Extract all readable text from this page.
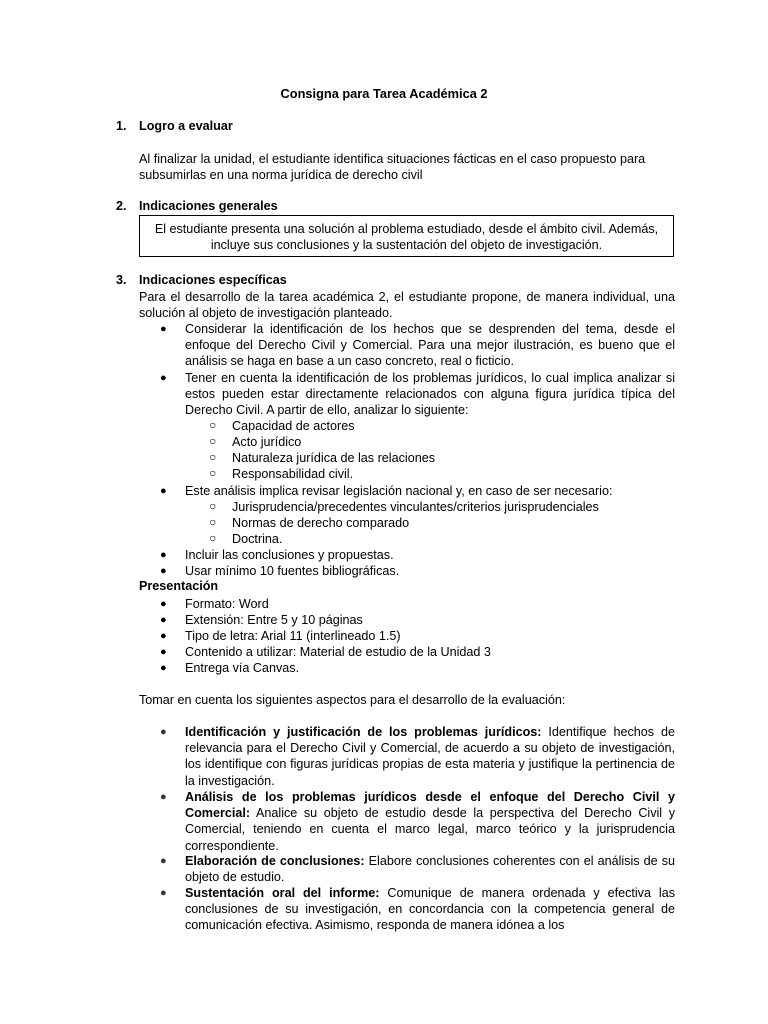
Consigna para Tarea Académica 2
1. Logro a evaluar
Al finalizar la unidad, el estudiante identifica situaciones fácticas en el caso propuesto para subsumirlas en una norma jurídica de derecho civil
2. Indicaciones generales
El estudiante presenta una solución al problema estudiado, desde el ámbito civil. Además, incluye sus conclusiones y la sustentación del objeto de investigación.
3. Indicaciones específicas
Para el desarrollo de la tarea académica 2, el estudiante propone, de manera individual, una solución al objeto de investigación planteado.
● Considerar la identificación de los hechos que se desprenden del tema, desde el enfoque del Derecho Civil y Comercial. Para una mejor ilustración, es bueno que el análisis se haga en base a un caso concreto, real o ficticio.
● Tener en cuenta la identificación de los problemas jurídicos, lo cual implica analizar si estos pueden estar directamente relacionados con alguna figura jurídica típica del Derecho Civil. A partir de ello, analizar lo siguiente:
○ Capacidad de actores
○ Acto jurídico
○ Naturaleza jurídica de las relaciones
○ Responsabilidad civil.
● Este análisis implica revisar legislación nacional y, en caso de ser necesario:
○ Jurisprudencia/precedentes vinculantes/criterios jurisprudenciales
○ Normas de derecho comparado
○ Doctrina.
● Incluir las conclusiones y propuestas.
● Usar mínimo 10 fuentes bibliográficas.
Presentación
● Formato: Word
● Extensión: Entre 5 y 10 páginas
● Tipo de letra: Arial 11 (interlineado 1.5)
● Contenido a utilizar: Material de estudio de la Unidad 3
● Entrega vía Canvas.
Tomar en cuenta los siguientes aspectos para el desarrollo de la evaluación:
● Identificación y justificación de los problemas jurídicos: Identifique hechos de relevancia para el Derecho Civil y Comercial, de acuerdo a su objeto de investigación, los identifique con figuras jurídicas propias de esta materia y justifique la pertinencia de la investigación.
● Análisis de los problemas jurídicos desde el enfoque del Derecho Civil y Comercial: Analice su objeto de estudio desde la perspectiva del Derecho Civil y Comercial, teniendo en cuenta el marco legal, marco teórico y la jurisprudencia correspondiente.
● Elaboración de conclusiones: Elabore conclusiones coherentes con el análisis de su objeto de estudio.
● Sustentación oral del informe: Comunique de manera ordenada y efectiva las conclusiones de su investigación, en concordancia con la competencia general de comunicación efectiva. Asimismo, responda de manera idónea a los
